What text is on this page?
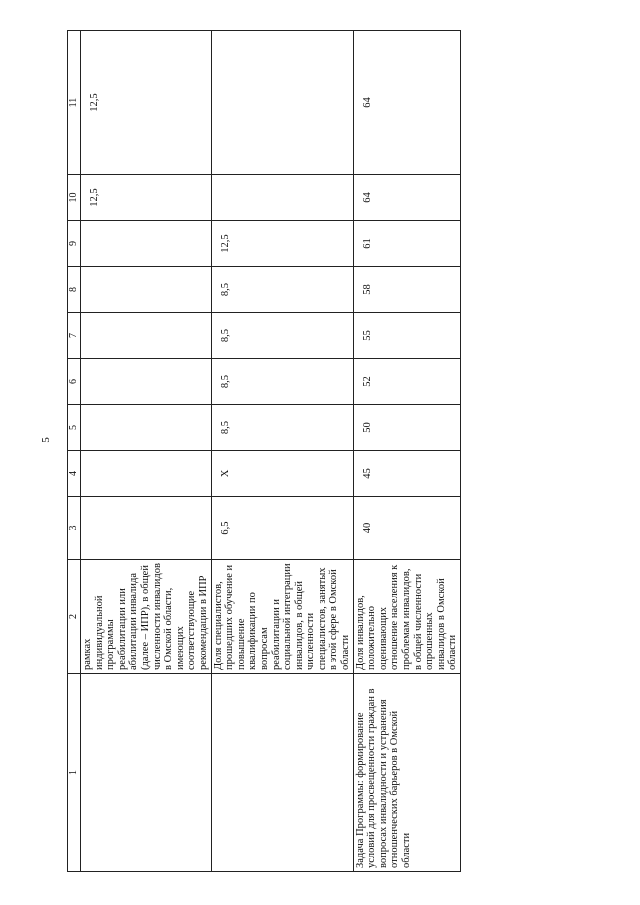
5
1	2	3	4	5	6	7	8	9	10	11
	рамках индивидуальной программы реабилитации или абилитации инвалида (далее – ИПР), в общей численности инвалидов в Омской области, имеющих соответствующие рекомендации в ИПР								12,5	12,5
	Доля специалистов, прошедших обучение и повышение квалификации по вопросам реабилитации и социальной интеграции инвалидов, в общей численности специалистов, занятых в этой сфере в Омской области	6,5	X	8,5	8,5	8,5	8,5	12,5		
Задача Программы: формирование условий для просвещенности граждан в вопросах инвалидности и устранения отношенческих барьеров в Омской области	Доля инвалидов, положительно оценивающих отношение населения к проблемам инвалидов, в общей численности опрошенных инвалидов в Омской области	40	45	50	52	55	58	61	64	64
